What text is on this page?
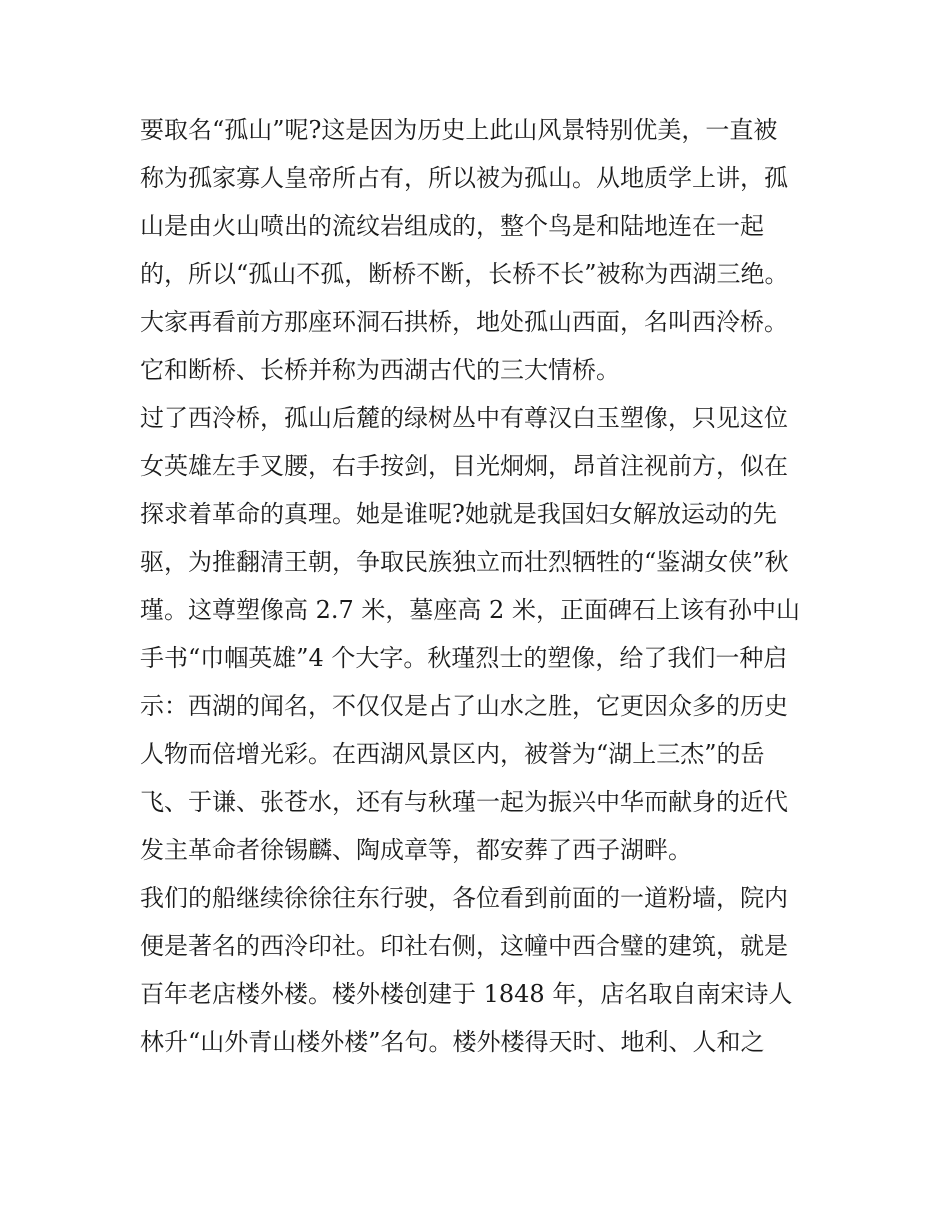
要取名“孤山”呢?这是因为历史上此山风景特别优美，一直被
称为孤家寡人皇帝所占有，所以被为孤山。从地质学上讲，孤
山是由火山喷出的流纹岩组成的，整个鸟是和陆地连在一起
的，所以“孤山不孤，断桥不断，长桥不长”被称为西湖三绝。
大家再看前方那座环洞石拱桥，地处孤山西面，名叫西泠桥。
它和断桥、长桥并称为西湖古代的三大情桥。
过了西泠桥，孤山后麓的绿树丛中有尊汉白玉塑像，只见这位
女英雄左手叉腰，右手按剑，目光炯炯，昂首注视前方，似在
探求着革命的真理。她是谁呢?她就是我国妇女解放运动的先
驱，为推翻清王朝，争取民族独立而壮烈牺牲的“鉴湖女侠”秋
瑾。这尊塑像高 2.7 米，墓座高 2 米，正面碑石上该有孙中山
手书“巾帼英雄”4 个大字。秋瑾烈士的塑像，给了我们一种启
示：西湖的闻名，不仅仅是占了山水之胜，它更因众多的历史
人物而倍增光彩。在西湖风景区内，被誉为“湖上三杰”的岳
飞、于谦、张苍水，还有与秋瑾一起为振兴中华而献身的近代
发主革命者徐锡麟、陶成章等，都安葬了西子湖畔。
我们的船继续徐徐往东行驶，各位看到前面的一道粉墙，院内
便是著名的西泠印社。印社右侧，这幢中西合璧的建筑，就是
百年老店楼外楼。楼外楼创建于 1848 年，店名取自南宋诗人
林升“山外青山楼外楼”名句。楼外楼得天时、地利、人和之
